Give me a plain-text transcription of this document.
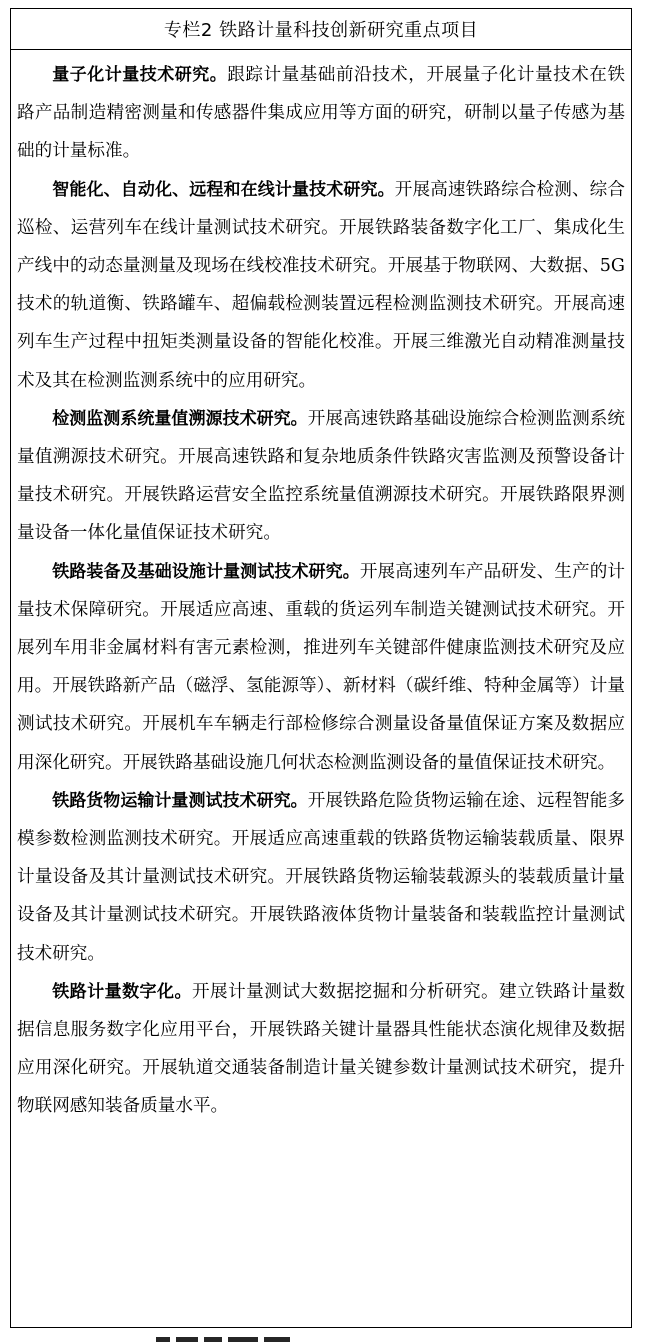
专栏2 铁路计量科技创新研究重点项目

量子化计量技术研究。跟踪计量基础前沿技术，开展量子化计量技术在铁路产品制造精密测量和传感器件集成应用等方面的研究，研制以量子传感为基础的计量标准。

智能化、自动化、远程和在线计量技术研究。开展高速铁路综合检测、综合巡检、运营列车在线计量测试技术研究。开展铁路装备数字化工厂、集成化生产线中的动态量测量及现场在线校准技术研究。开展基于物联网、大数据、5G技术的轨道衡、铁路罐车、超偏载检测装置远程检测监测技术研究。开展高速列车生产过程中扭矩类测量设备的智能化校准。开展三维激光自动精准测量技术及其在检测监测系统中的应用研究。

检测监测系统量值溯源技术研究。开展高速铁路基础设施综合检测监测系统量值溯源技术研究。开展高速铁路和复杂地质条件铁路灾害监测及预警设备计量技术研究。开展铁路运营安全监控系统量值溯源技术研究。开展铁路限界测量设备一体化量值保证技术研究。

铁路装备及基础设施计量测试技术研究。开展高速列车产品研发、生产的计量技术保障研究。开展适应高速、重载的货运列车制造关键测试技术研究。开展列车用非金属材料有害元素检测，推进列车关键部件健康监测技术研究及应用。开展铁路新产品（磁浮、氢能源等）、新材料（碳纤维、特种金属等）计量测试技术研究。开展机车车辆走行部检修综合测量设备量值保证方案及数据应用深化研究。开展铁路基础设施几何状态检测监测设备的量值保证技术研究。

铁路货物运输计量测试技术研究。开展铁路危险货物运输在途、远程智能多模参数检测监测技术研究。开展适应高速重载的铁路货物运输装载质量、限界计量设备及其计量测试技术研究。开展铁路货物运输装载源头的装载质量计量设备及其计量测试技术研究。开展铁路液体货物计量装备和装载监控计量测试技术研究。

铁路计量数字化。开展计量测试大数据挖掘和分析研究。建立铁路计量数据信息服务数字化应用平台，开展铁路关键计量器具性能状态演化规律及数据应用深化研究。开展轨道交通装备制造计量关键参数计量测试技术研究，提升物联网感知装备质量水平。
